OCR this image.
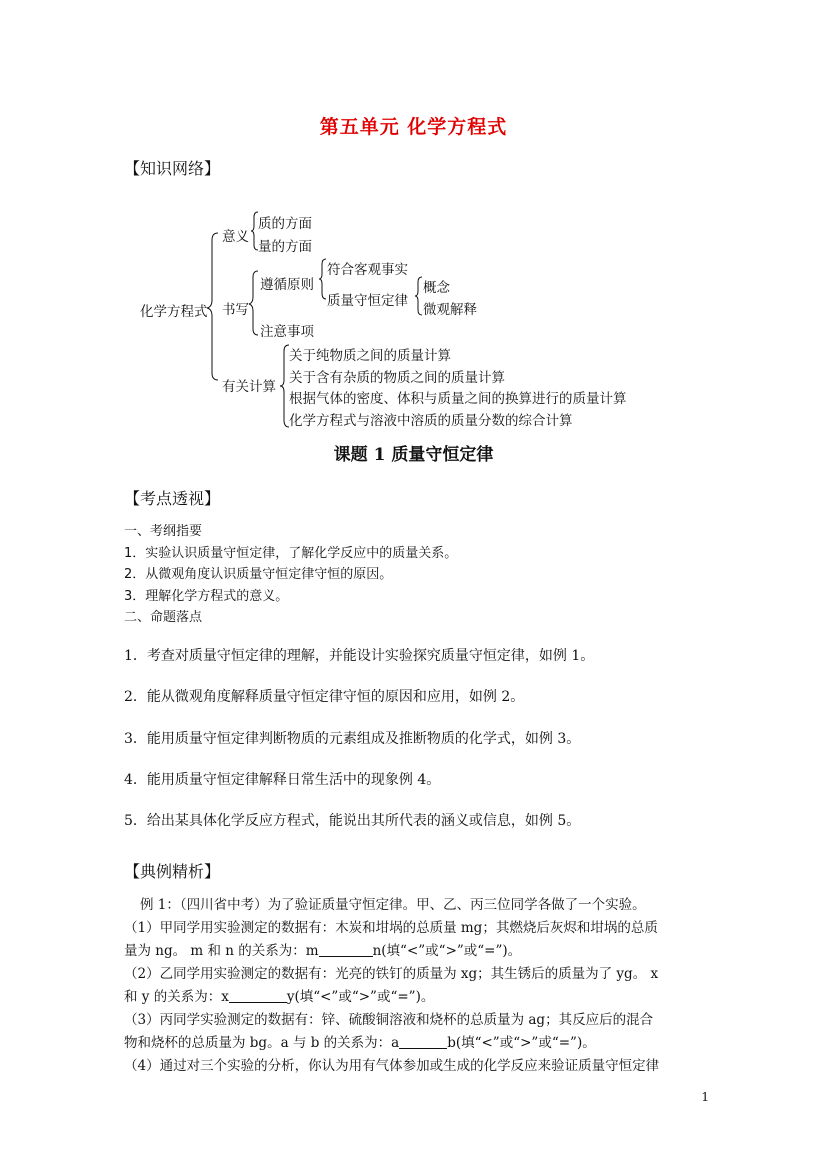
第五单元 化学方程式
【知识网络】
化学方程式
意义
质的方面
量的方面
书写
遵循原则
符合客观事实
质量守恒定律
概念
微观解释
注意事项
有关计算
关于纯物质之间的质量计算
关于含有杂质的物质之间的质量计算
根据气体的密度、体积与质量之间的换算进行的质量计算
化学方程式与溶液中溶质的质量分数的综合计算
课题 1 质量守恒定律
【考点透视】
一、考纲指要
1．实验认识质量守恒定律，了解化学反应中的质量关系。
2．从微观角度认识质量守恒定律守恒的原因。
3．理解化学方程式的意义。
二、命题落点
1．考查对质量守恒定律的理解，并能设计实验探究质量守恒定律，如例 1。
2．能从微观角度解释质量守恒定律守恒的原因和应用，如例 2。
3．能用质量守恒定律判断物质的元素组成及推断物质的化学式，如例 3。
4．能用质量守恒定律解释日常生活中的现象例 4。
5．给出某具体化学反应方程式，能说出其所代表的涵义或信息，如例 5。
【典例精析】
例 1：（四川省中考）为了验证质量守恒定律。甲、乙、丙三位同学各做了一个实验。
（1）甲同学用实验测定的数据有：木炭和坩埚的总质量 mg；其燃烧后灰烬和坩埚的总质
量为 ng。 m 和 n 的关系为：m	n(填“<”或“>”或“=”)。
（2）乙同学用实验测定的数据有：光亮的铁钉的质量为 xg；其生锈后的质量为了 yg。 x
和 y 的关系为：x	y(填“<”或“>”或“=”)。
（3）丙同学实验测定的数据有：锌、硫酸铜溶液和烧杯的总质量为 ag；其反应后的混合
物和烧杯的总质量为 bg。a 与 b 的关系为：a	b(填“<”或“>”或“=”)。
（4）通过对三个实验的分析，你认为用有气体参加或生成的化学反应来验证质量守恒定律
1
